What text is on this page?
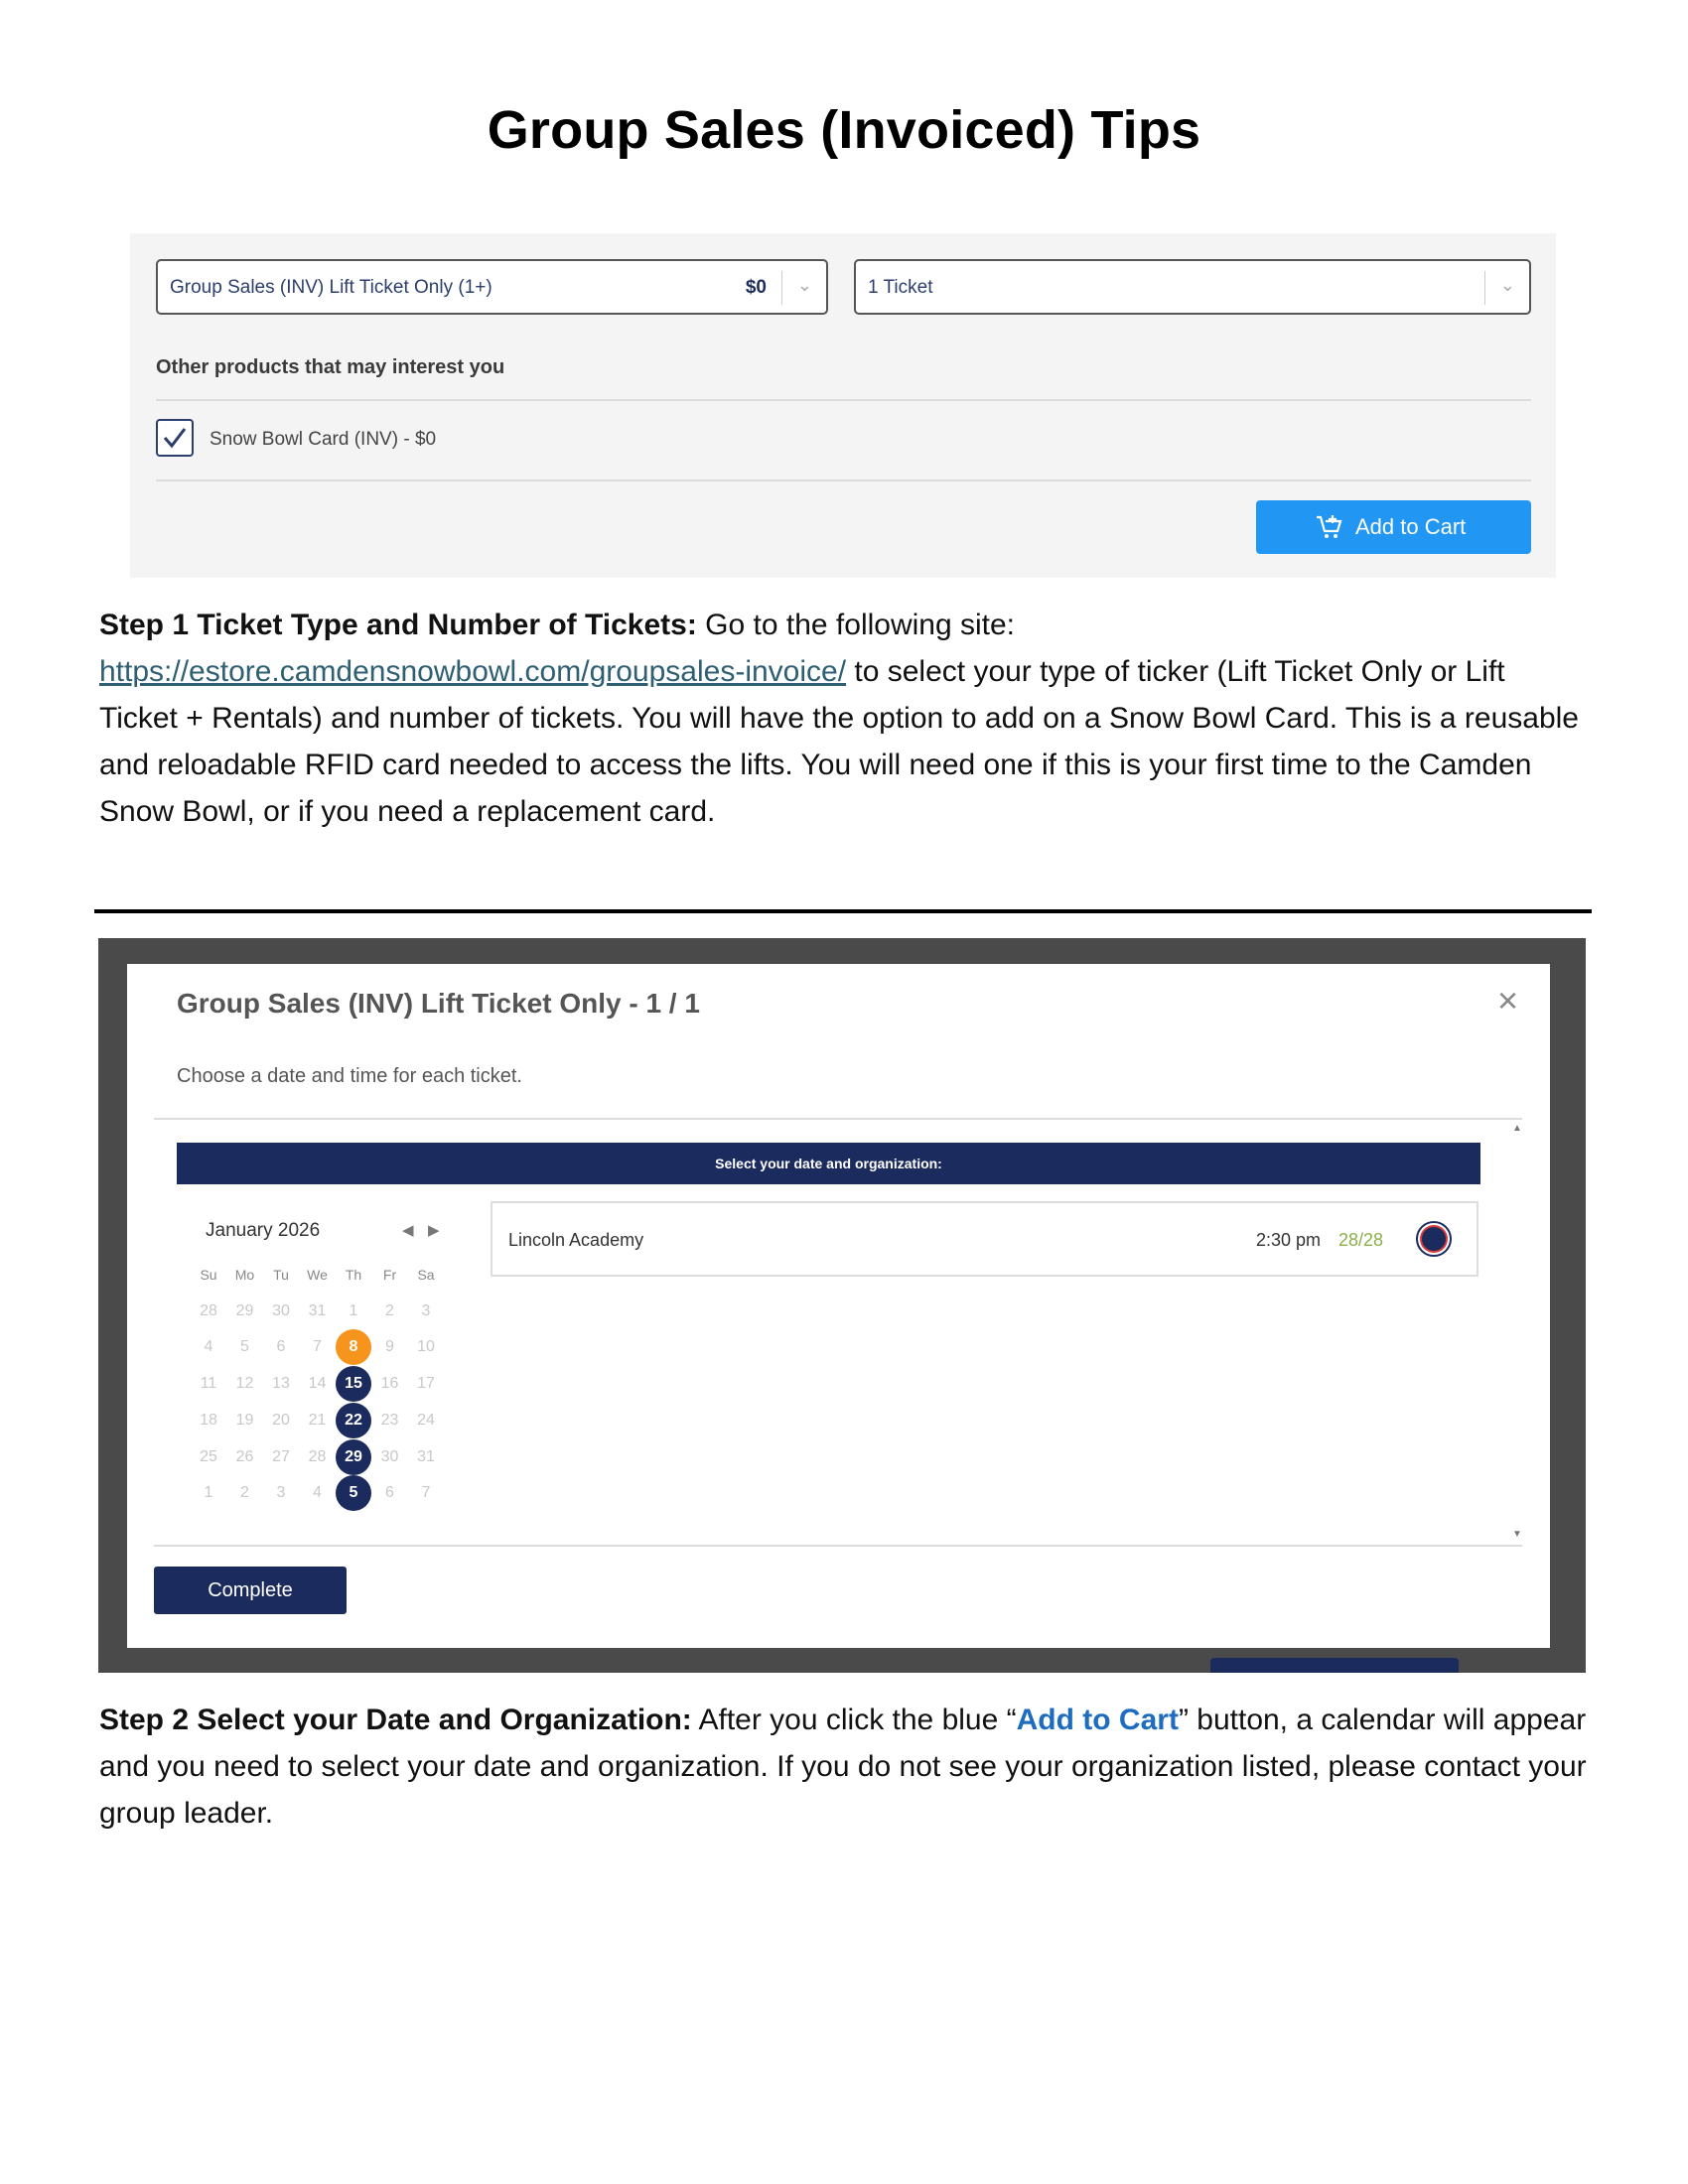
Group Sales (Invoiced) Tips
Group Sales (INV) Lift Ticket Only (1+)	$0 ⌄	1 Ticket	⌄
Other products that may interest you
Snow Bowl Card (INV) - $0
Add to Cart
Step 1 Ticket Type and Number of Tickets: Go to the following site:
https://estore.camdensnowbowl.com/groupsales-invoice/ to select your type of ticker (Lift Ticket Only or Lift Ticket + Rentals) and number of tickets. You will have the option to add on a Snow Bowl Card. This is a reusable and reloadable RFID card needed to access the lifts. You will need one if this is your first time to the Camden Snow Bowl, or if you need a replacement card.
Group Sales (INV) Lift Ticket Only - 1 / 1	×
Choose a date and time for each ticket.
▲
▼
Select your date and organization:
January 2026	◀ ▶
Su	Mo	Tu	We	Th	Fr	Sa
28	29	30	31	1	2	3
4	5	6	7	8	9	10
11	12	13	14	15	16	17
18	19	20	21	22	23	24
25	26	27	28	29	30	31
1	2	3	4	5	6	7
Lincoln Academy	2:30 pm 28/28
Complete
Step 2 Select your Date and Organization: After you click the blue “Add to Cart” button, a calendar will appear and you need to select your date and organization. If you do not see your organization listed, please contact your group leader.
